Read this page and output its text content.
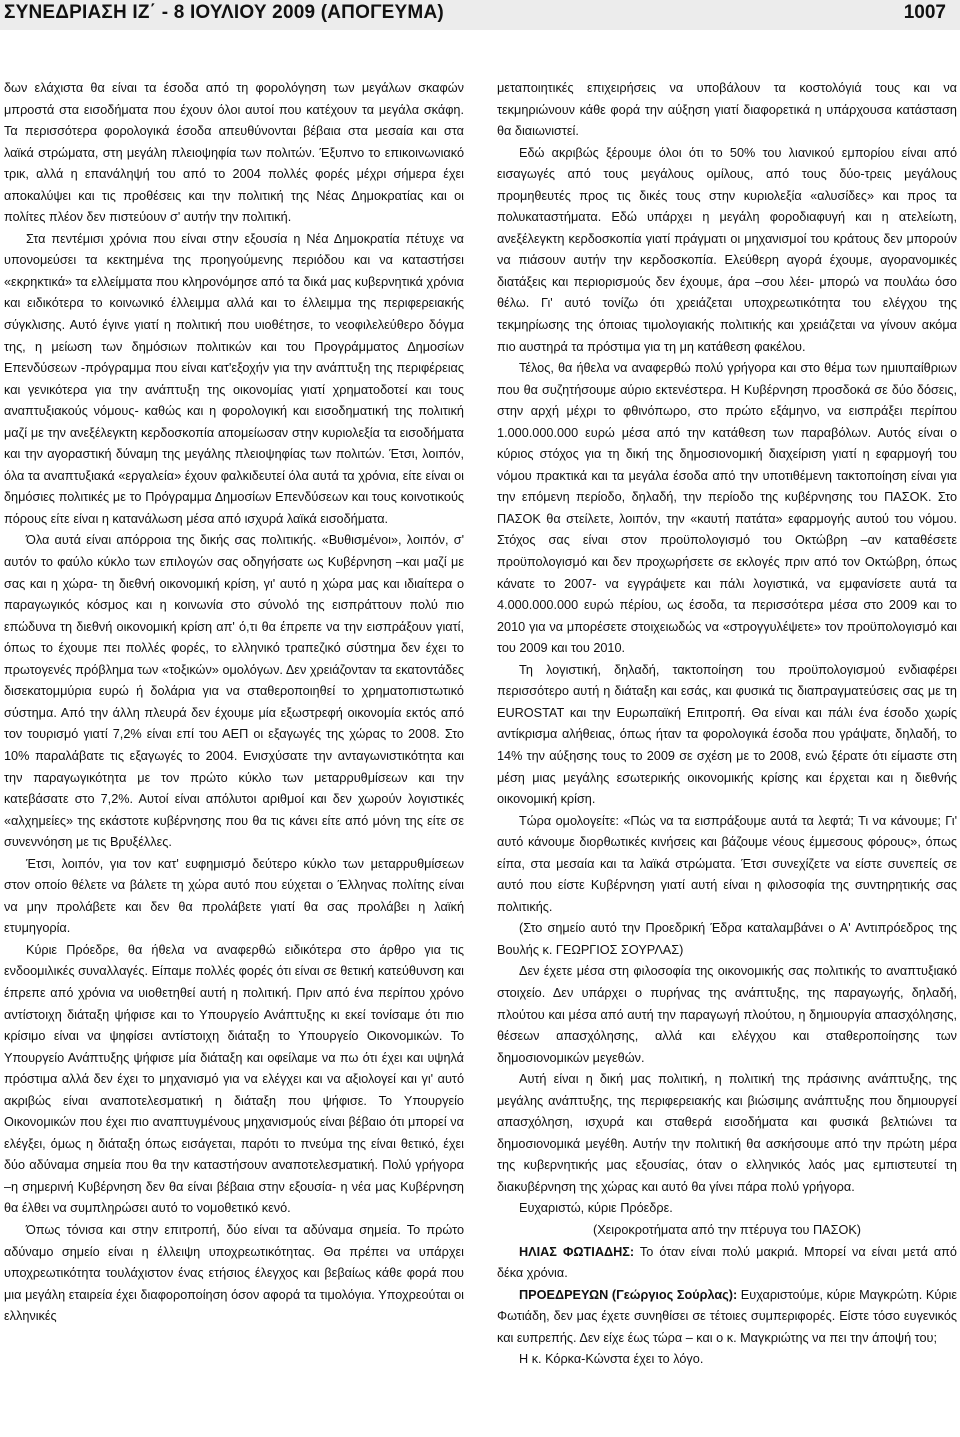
ΣΥΝΕΔΡΙΑΣΗ ΙΖ΄ - 8 ΙΟΥΛΙΟΥ 2009 (ΑΠΟΓΕΥΜΑ)	1007

δων ελάχιστα θα είναι τα έσοδα από τη φορολόγηση των μεγάλων σκαφών μπροστά στα εισοδήματα που έχουν όλοι αυτοί που κατέχουν τα μεγάλα σκάφη. Τα περισσότερα φορολογικά έσοδα απευθύνονται βέβαια στα μεσαία και στα λαϊκά στρώματα, στη μεγάλη πλειοψηφία των πολιτών. Έξυπνο το επικοινωνιακό τρικ, αλλά η επανάληψή του από το 2004 πολλές φορές μέχρι σήμερα έχει αποκαλύψει και τις προθέσεις και την πολιτική της Νέας Δημοκρατίας και οι πολίτες πλέον δεν πιστεύουν σ' αυτήν την πολιτική.

Στα πεντέμισι χρόνια που είναι στην εξουσία η Νέα Δημοκρατία πέτυχε να υπονομεύσει τα κεκτημένα της προηγούμενης περιόδου και να καταστήσει «εκρηκτικά» τα ελλείμματα που κληρονόμησε από τα δικά μας κυβερνητικά χρόνια και ειδικότερα το κοινωνικό έλλειμμα αλλά και το έλλειμμα της περιφερειακής σύγκλισης. Αυτό έγινε γιατί η πολιτική που υιοθέτησε, το νεοφιλελεύθερο δόγμα της, η μείωση των δημόσιων πολιτικών και του Προγράμματος Δημοσίων Επενδύσεων -πρόγραμμα που είναι κατ'εξοχήν για την ανάπτυξη της περιφέρειας και γενικότερα για την ανάπτυξη της οικονομίας γιατί χρηματοδοτεί και τους αναπτυξιακούς νόμους- καθώς και η φορολογική και εισοδηματική της πολιτική μαζί με την ανεξέλεγκτη κερδοσκοπία απομείωσαν στην κυριολεξία τα εισοδήματα και την αγοραστική δύναμη της μεγάλης πλειοψηφίας των πολιτών. Έτσι, λοιπόν, όλα τα αναπτυξιακά «εργαλεία» έχουν φαλκιδευτεί όλα αυτά τα χρόνια, είτε είναι οι δημόσιες πολιτικές με το Πρόγραμμα Δημοσίων Επενδύσεων και τους κοινοτικούς πόρους είτε είναι η κατανάλωση μέσα από ισχυρά λαϊκά εισοδήματα.

Όλα αυτά είναι απόρροια της δικής σας πολιτικής. «Βυθισμένοι», λοιπόν, σ' αυτόν το φαύλο κύκλο των επιλογών σας οδηγήσατε ως Κυβέρνηση –και μαζί με σας και η χώρα- τη διεθνή οικονομική κρίση, γι' αυτό η χώρα μας και ιδιαίτερα ο παραγωγικός κόσμος και η κοινωνία στο σύνολό της εισπράττουν πολύ πιο επώδυνα τη διεθνή οικονομική κρίση απ' ό,τι θα έπρεπε να την εισπράξουν γιατί, όπως το έχουμε πει πολλές φορές, το ελληνικό τραπεζικό σύστημα δεν έχει το πρωτογενές πρόβλημα των «τοξικών» ομολόγων. Δεν χρειάζονταν τα εκατοντάδες δισεκατομμύρια ευρώ ή δολάρια για να σταθεροποιηθεί το χρηματοπιστωτικό σύστημα. Από την άλλη πλευρά δεν έχουμε μία εξωστρεφή οικονομία εκτός από τον τουρισμό γιατί 7,2% είναι επί του ΑΕΠ οι εξαγωγές της χώρας το 2008. Στο 10% παραλάβατε τις εξαγωγές το 2004. Ενισχύσατε την ανταγωνιστικότητα και την παραγωγικότητα με τον πρώτο κύκλο των μεταρρυθμίσεων και την κατεβάσατε στο 7,2%. Αυτοί είναι απόλυτοι αριθμοί και δεν χωρούν λογιστικές «αλχημείες» της εκάστοτε κυβέρνησης που θα τις κάνει είτε από μόνη της είτε σε συνεννόηση με τις Βρυξέλλες.

Έτσι, λοιπόν, για τον κατ' ευφημισμό δεύτερο κύκλο των μεταρρυθμίσεων στον οποίο θέλετε να βάλετε τη χώρα αυτό που εύχεται ο Έλληνας πολίτης είναι να μην προλάβετε και δεν θα προλάβετε γιατί θα σας προλάβει η λαϊκή ετυμηγορία.

Κύριε Πρόεδρε, θα ήθελα να αναφερθώ ειδικότερα στο άρθρο για τις ενδοομιλικές συναλλαγές. Είπαμε πολλές φορές ότι είναι σε θετική κατεύθυνση και έπρεπε από χρόνια να υιοθετηθεί αυτή η πολιτική. Πριν από ένα περίπου χρόνο αντίστοιχη διάταξη ψήφισε και το Υπουργείο Ανάπτυξης κι εκεί τονίσαμε ότι πιο κρίσιμο είναι να ψηφίσει αντίστοιχη διάταξη το Υπουργείο Οικονομικών. Το Υπουργείο Ανάπτυξης ψήφισε μία διάταξη και οφείλαμε να πω ότι έχει και υψηλά πρόστιμα αλλά δεν έχει το μηχανισμό για να ελέγχει και να αξιολογεί και γι' αυτό ακριβώς είναι αναποτελεσματική η διάταξη που ψήφισε. Το Υπουργείο Οικονομικών που έχει πιο αναπτυγμένους μηχανισμούς είναι βέβαιο ότι μπορεί να ελέγξει, όμως η διάταξη όπως εισάγεται, παρότι το πνεύμα της είναι θετικό, έχει δύο αδύναμα σημεία που θα την καταστήσουν αναποτελεσματική. Πολύ γρήγορα –η σημερινή Κυβέρνηση δεν θα είναι βέβαια στην εξουσία- η νέα μας Κυβέρνηση θα έλθει να συμπληρώσει αυτό το νομοθετικό κενό.

Όπως τόνισα και στην επιτροπή, δύο είναι τα αδύναμα σημεία. Το πρώτο αδύναμο σημείο είναι η έλλειψη υποχρεωτικότητας. Θα πρέπει να υπάρχει υποχρεωτικότητα τουλάχιστον ένας ετήσιος έλεγχος και βεβαίως κάθε φορά που μια μεγάλη εταιρεία έχει διαφοροποίηση όσον αφορά τα τιμολόγια. Υποχρεούται οι ελληνικές

μεταποιητικές επιχειρήσεις να υποβάλουν τα κοστολόγιά τους και να τεκμηριώνουν κάθε φορά την αύξηση γιατί διαφορετικά η υπάρχουσα κατάσταση θα διαιωνιστεί.

Εδώ ακριβώς ξέρουμε όλοι ότι το 50% του λιανικού εμπορίου είναι από εισαγωγές από τους μεγάλους ομίλους, από τους δύο-τρεις μεγάλους προμηθευτές προς τις δικές τους στην κυριολεξία «αλυσίδες» και προς τα πολυκαταστήματα. Εδώ υπάρχει η μεγάλη φοροδιαφυγή και η ατελείωτη, ανεξέλεγκτη κερδοσκοπία γιατί πράγματι οι μηχανισμοί του κράτους δεν μπορούν να πιάσουν αυτήν την κερδοσκοπία. Ελεύθερη αγορά έχουμε, αγορανομικές διατάξεις και περιορισμούς δεν έχουμε, άρα –σου λέει- μπορώ να πουλάω όσο θέλω. Γι' αυτό τονίζω ότι χρειάζεται υποχρεωτικότητα του ελέγχου της τεκμηρίωσης της όποιας τιμολογιακής πολιτικής και χρειάζεται να γίνουν ακόμα πιο αυστηρά τα πρόστιμα για τη μη κατάθεση φακέλου.

Τέλος, θα ήθελα να αναφερθώ πολύ γρήγορα και στο θέμα των ημιυπαίθριων που θα συζητήσουμε αύριο εκτενέστερα. Η Κυβέρνηση προσδοκά σε δύο δόσεις, στην αρχή μέχρι το φθινόπωρο, στο πρώτο εξάμηνο, να εισπράξει περίπου 1.000.000.000 ευρώ μέσα από την κατάθεση των παραβόλων. Αυτός είναι ο κύριος στόχος για τη δική της δημοσιονομική διαχείριση γιατί η εφαρμογή του νόμου πρακτικά και τα μεγάλα έσοδα από την υποτιθέμενη τακτοποίηση είναι για την επόμενη περίοδο, δηλαδή, την περίοδο της κυβέρνησης του ΠΑΣΟΚ. Στο ΠΑΣΟΚ θα στείλετε, λοιπόν, την «καυτή πατάτα» εφαρμογής αυτού του νόμου. Στόχος σας είναι στον προϋπολογισμό του Οκτώβρη –αν καταθέσετε προϋπολογισμό και δεν προχωρήσετε σε εκλογές πριν από τον Οκτώβρη, όπως κάνατε το 2007- να εγγράψετε και πάλι λογιστικά, να εμφανίσετε αυτά τα 4.000.000.000 ευρώ πέρίου, ως έσοδα, τα περισσότερα μέσα στο 2009 και το 2010 για να μπορέσετε στοιχειωδώς να «στρογγυλέψετε» τον προϋπολογισμό και του 2009 και του 2010.

Τη λογιστική, δηλαδή, τακτοποίηση του προϋπολογισμού ενδιαφέρει περισσότερο αυτή η διάταξη και εσάς, και φυσικά τις διαπραγματεύσεις σας με τη EUROSTAT και την Ευρωπαϊκή Επιτροπή. Θα είναι και πάλι ένα έσοδο χωρίς αντίκρισμα αλήθειας, όπως ήταν τα φορολογικά έσοδα που γράψατε, δηλαδή, το 14% την αύξησης τους το 2009 σε σχέση με το 2008, ενώ ξέρατε ότι είμαστε στη μέση μιας μεγάλης εσωτερικής οικονομικής κρίσης και έρχεται και η διεθνής οικονομική κρίση.

Τώρα ομολογείτε: «Πώς να τα εισπράξουμε αυτά τα λεφτά; Τι να κάνουμε; Γι' αυτό κάνουμε διορθωτικές κινήσεις και βάζουμε νέους έμμεσους φόρους», όπως είπα, στα μεσαία και τα λαϊκά στρώματα. Έτσι συνεχίζετε να είστε συνεπείς σε αυτό που είστε Κυβέρνηση γιατί αυτή είναι η φιλοσοφία της συντηρητικής σας πολιτικής.

(Στο σημείο αυτό την Προεδρική Έδρα καταλαμβάνει ο Α' Αντιπρόεδρος της Βουλής κ. ΓΕΩΡΓΙΟΣ ΣΟΥΡΛΑΣ)

Δεν έχετε μέσα στη φιλοσοφία της οικονομικής σας πολιτικής το αναπτυξιακό στοιχείο. Δεν υπάρχει ο πυρήνας της ανάπτυξης, της παραγωγής, δηλαδή, πλούτου και μέσα από αυτή την παραγωγή πλούτου, η δημιουργία απασχόλησης, θέσεων απασχόλησης, αλλά και ελέγχου και σταθεροποίησης των δημοσιονομικών μεγεθών.

Αυτή είναι η δική μας πολιτική, η πολιτική της πράσινης ανάπτυξης, της μεγάλης ανάπτυξης, της περιφερειακής και βιώσιμης ανάπτυξης που δημιουργεί απασχόληση, ισχυρά και σταθερά εισοδήματα και φυσικά βελτιώνει τα δημοσιονομικά μεγέθη. Αυτήν την πολιτική θα ασκήσουμε από την πρώτη μέρα της κυβερνητικής μας εξουσίας, όταν ο ελληνικός λαός μας εμπιστευτεί τη διακυβέρνηση της χώρας και αυτό θα γίνει πάρα πολύ γρήγορα.

Ευχαριστώ, κύριε Πρόεδρε.

(Χειροκροτήματα από την πτέρυγα του ΠΑΣΟΚ)

ΗΛΙΑΣ ΦΩΤΙΑΔΗΣ: Το όταν είναι πολύ μακριά. Μπορεί να είναι μετά από δέκα χρόνια.

ΠΡΟΕΔΡΕΥΩΝ (Γεώργιος Σούρλας): Ευχαριστούμε, κύριε Μαγκρώτη. Κύριε Φωτιάδη, δεν μας έχετε συνηθίσει σε τέτοιες συμπεριφορές. Είστε τόσο ευγενικός και ευπρεπής. Δεν είχε έως τώρα – και ο κ. Μαγκριώτης να πει την άποψή του;

Η κ. Κόρκα-Κώνστα έχει το λόγο.
